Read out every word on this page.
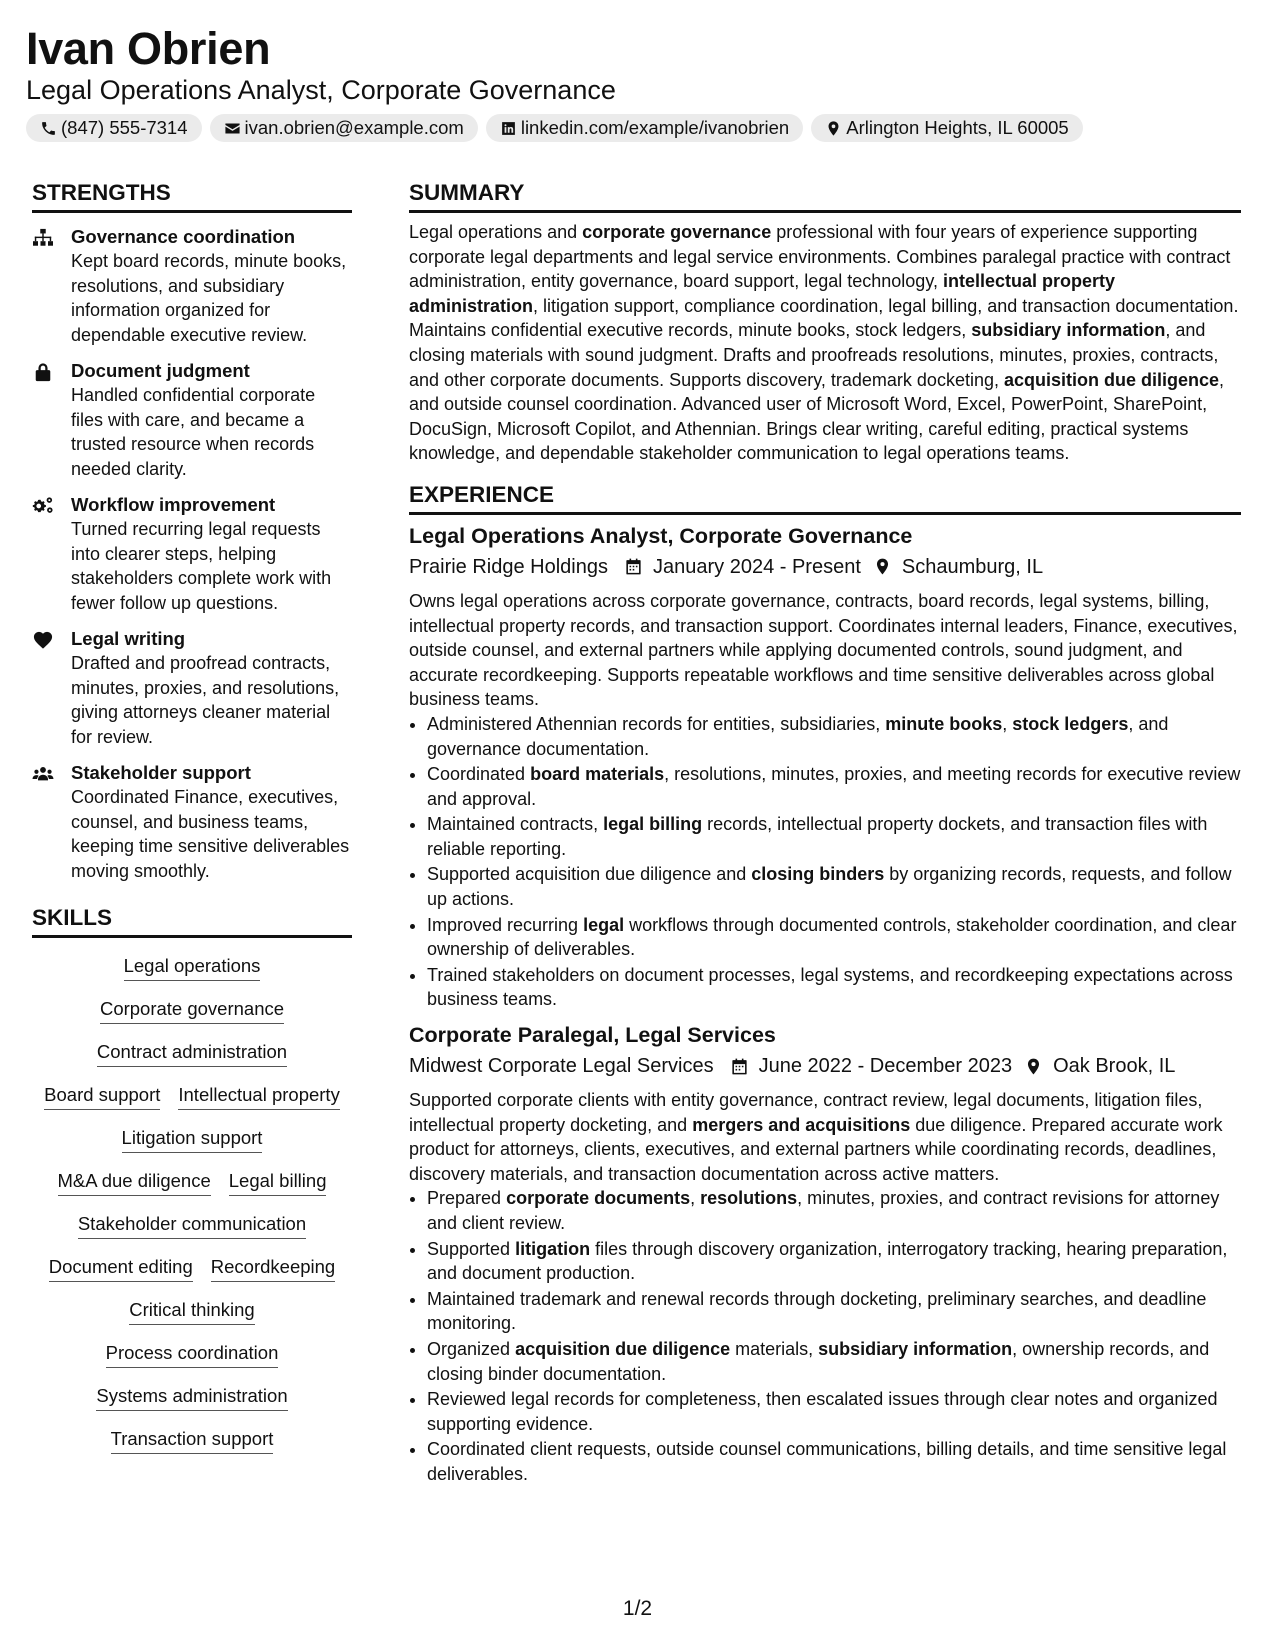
Ivan Obrien
Legal Operations Analyst, Corporate Governance
(847) 555-7314	ivan.obrien@example.com	linkedin.com/example/ivanobrien	Arlington Heights, IL 60005
STRENGTHS
Governance coordination
Kept board records, minute books, resolutions, and subsidiary information organized for dependable executive review.
Document judgment
Handled confidential corporate files with care, and became a trusted resource when records needed clarity.
Workflow improvement
Turned recurring legal requests into clearer steps, helping stakeholders complete work with fewer follow up questions.
Legal writing
Drafted and proofread contracts, minutes, proxies, and resolutions, giving attorneys cleaner material for review.
Stakeholder support
Coordinated Finance, executives, counsel, and business teams, keeping time sensitive deliverables moving smoothly.
SKILLS
Legal operations
Corporate governance
Contract administration
Board support Intellectual property
Litigation support
M&A due diligence Legal billing
Stakeholder communication
Document editing Recordkeeping
Critical thinking
Process coordination
Systems administration
Transaction support
SUMMARY
Legal operations and corporate governance professional with four years of experience supporting corporate legal departments and legal service environments. Combines paralegal practice with contract administration, entity governance, board support, legal technology, intellectual property administration, litigation support, compliance coordination, legal billing, and transaction documentation. Maintains confidential executive records, minute books, stock ledgers, subsidiary information, and closing materials with sound judgment. Drafts and proofreads resolutions, minutes, proxies, contracts, and other corporate documents. Supports discovery, trademark docketing, acquisition due diligence, and outside counsel coordination. Advanced user of Microsoft Word, Excel, PowerPoint, SharePoint, DocuSign, Microsoft Copilot, and Athennian. Brings clear writing, careful editing, practical systems knowledge, and dependable stakeholder communication to legal operations teams.
EXPERIENCE
Legal Operations Analyst, Corporate Governance
Prairie Ridge Holdings January 2024 - Present Schaumburg, IL
Owns legal operations across corporate governance, contracts, board records, legal systems, billing, intellectual property records, and transaction support. Coordinates internal leaders, Finance, executives, outside counsel, and external partners while applying documented controls, sound judgment, and accurate recordkeeping. Supports repeatable workflows and time sensitive deliverables across global business teams.
• Administered Athennian records for entities, subsidiaries, minute books, stock ledgers, and governance documentation.
• Coordinated board materials, resolutions, minutes, proxies, and meeting records for executive review and approval.
• Maintained contracts, legal billing records, intellectual property dockets, and transaction files with reliable reporting.
• Supported acquisition due diligence and closing binders by organizing records, requests, and follow up actions.
• Improved recurring legal workflows through documented controls, stakeholder coordination, and clear ownership of deliverables.
• Trained stakeholders on document processes, legal systems, and recordkeeping expectations across business teams.
Corporate Paralegal, Legal Services
Midwest Corporate Legal Services June 2022 - December 2023 Oak Brook, IL
Supported corporate clients with entity governance, contract review, legal documents, litigation files, intellectual property docketing, and mergers and acquisitions due diligence. Prepared accurate work product for attorneys, clients, executives, and external partners while coordinating records, deadlines, discovery materials, and transaction documentation across active matters.
• Prepared corporate documents, resolutions, minutes, proxies, and contract revisions for attorney and client review.
• Supported litigation files through discovery organization, interrogatory tracking, hearing preparation, and document production.
• Maintained trademark and renewal records through docketing, preliminary searches, and deadline monitoring.
• Organized acquisition due diligence materials, subsidiary information, ownership records, and closing binder documentation.
• Reviewed legal records for completeness, then escalated issues through clear notes and organized supporting evidence.
• Coordinated client requests, outside counsel communications, billing details, and time sensitive legal deliverables.
1/2
